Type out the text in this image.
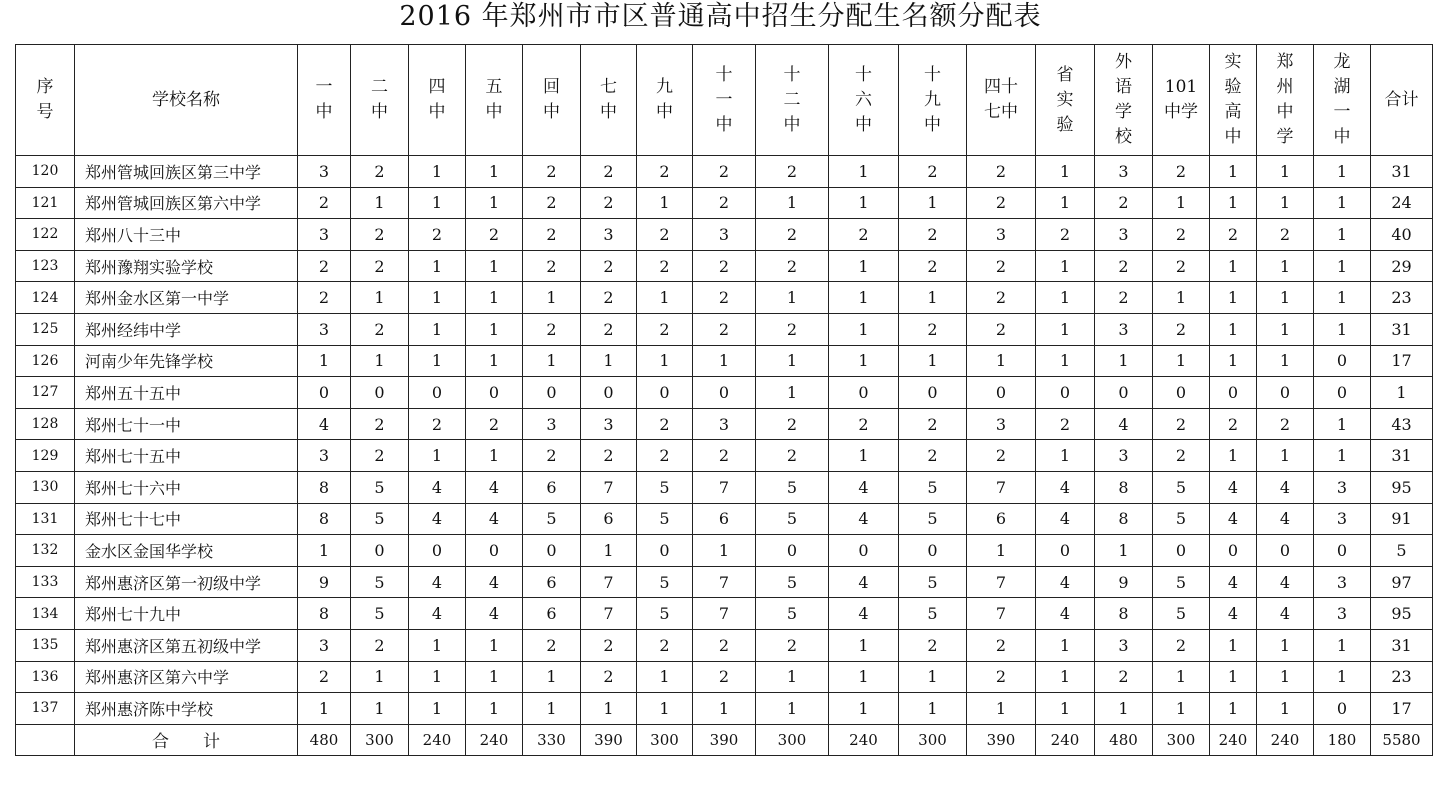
2016 年郑州市市区普通高中招生分配生名额分配表
序号	学校名称	一中	二中	四中	五中	回中	七中	九中	十一中	十二中	十六中	十九中	四十七中	省实验	外语学校	101中学	实验高中	郑州中学	龙湖一中	合计
120	郑州管城回族区第三中学	3	2	1	1	2	2	2	2	2	1	2	2	1	3	2	1	1	1	31
121	郑州管城回族区第六中学	2	1	1	1	2	2	1	2	1	1	1	2	1	2	1	1	1	1	24
122	郑州八十三中	3	2	2	2	2	3	2	3	2	2	2	3	2	3	2	2	2	1	40
123	郑州豫翔实验学校	2	2	1	1	2	2	2	2	2	1	2	2	1	2	2	1	1	1	29
124	郑州金水区第一中学	2	1	1	1	1	2	1	2	1	1	1	2	1	2	1	1	1	1	23
125	郑州经纬中学	3	2	1	1	2	2	2	2	2	1	2	2	1	3	2	1	1	1	31
126	河南少年先锋学校	1	1	1	1	1	1	1	1	1	1	1	1	1	1	1	1	1	0	17
127	郑州五十五中	0	0	0	0	0	0	0	0	1	0	0	0	0	0	0	0	0	0	1
128	郑州七十一中	4	2	2	2	3	3	2	3	2	2	2	3	2	4	2	2	2	1	43
129	郑州七十五中	3	2	1	1	2	2	2	2	2	1	2	2	1	3	2	1	1	1	31
130	郑州七十六中	8	5	4	4	6	7	5	7	5	4	5	7	4	8	5	4	4	3	95
131	郑州七十七中	8	5	4	4	5	6	5	6	5	4	5	6	4	8	5	4	4	3	91
132	金水区金国华学校	1	0	0	0	0	1	0	1	0	0	0	1	0	1	0	0	0	0	5
133	郑州惠济区第一初级中学	9	5	4	4	6	7	5	7	5	4	5	7	4	9	5	4	4	3	97
134	郑州七十九中	8	5	4	4	6	7	5	7	5	4	5	7	4	8	5	4	4	3	95
135	郑州惠济区第五初级中学	3	2	1	1	2	2	2	2	2	1	2	2	1	3	2	1	1	1	31
136	郑州惠济区第六中学	2	1	1	1	1	2	1	2	1	1	1	2	1	2	1	1	1	1	23
137	郑州惠济陈中学校	1	1	1	1	1	1	1	1	1	1	1	1	1	1	1	1	1	0	17
	合　　计	480	300	240	240	330	390	300	390	300	240	300	390	240	480	300	240	240	180	5580
